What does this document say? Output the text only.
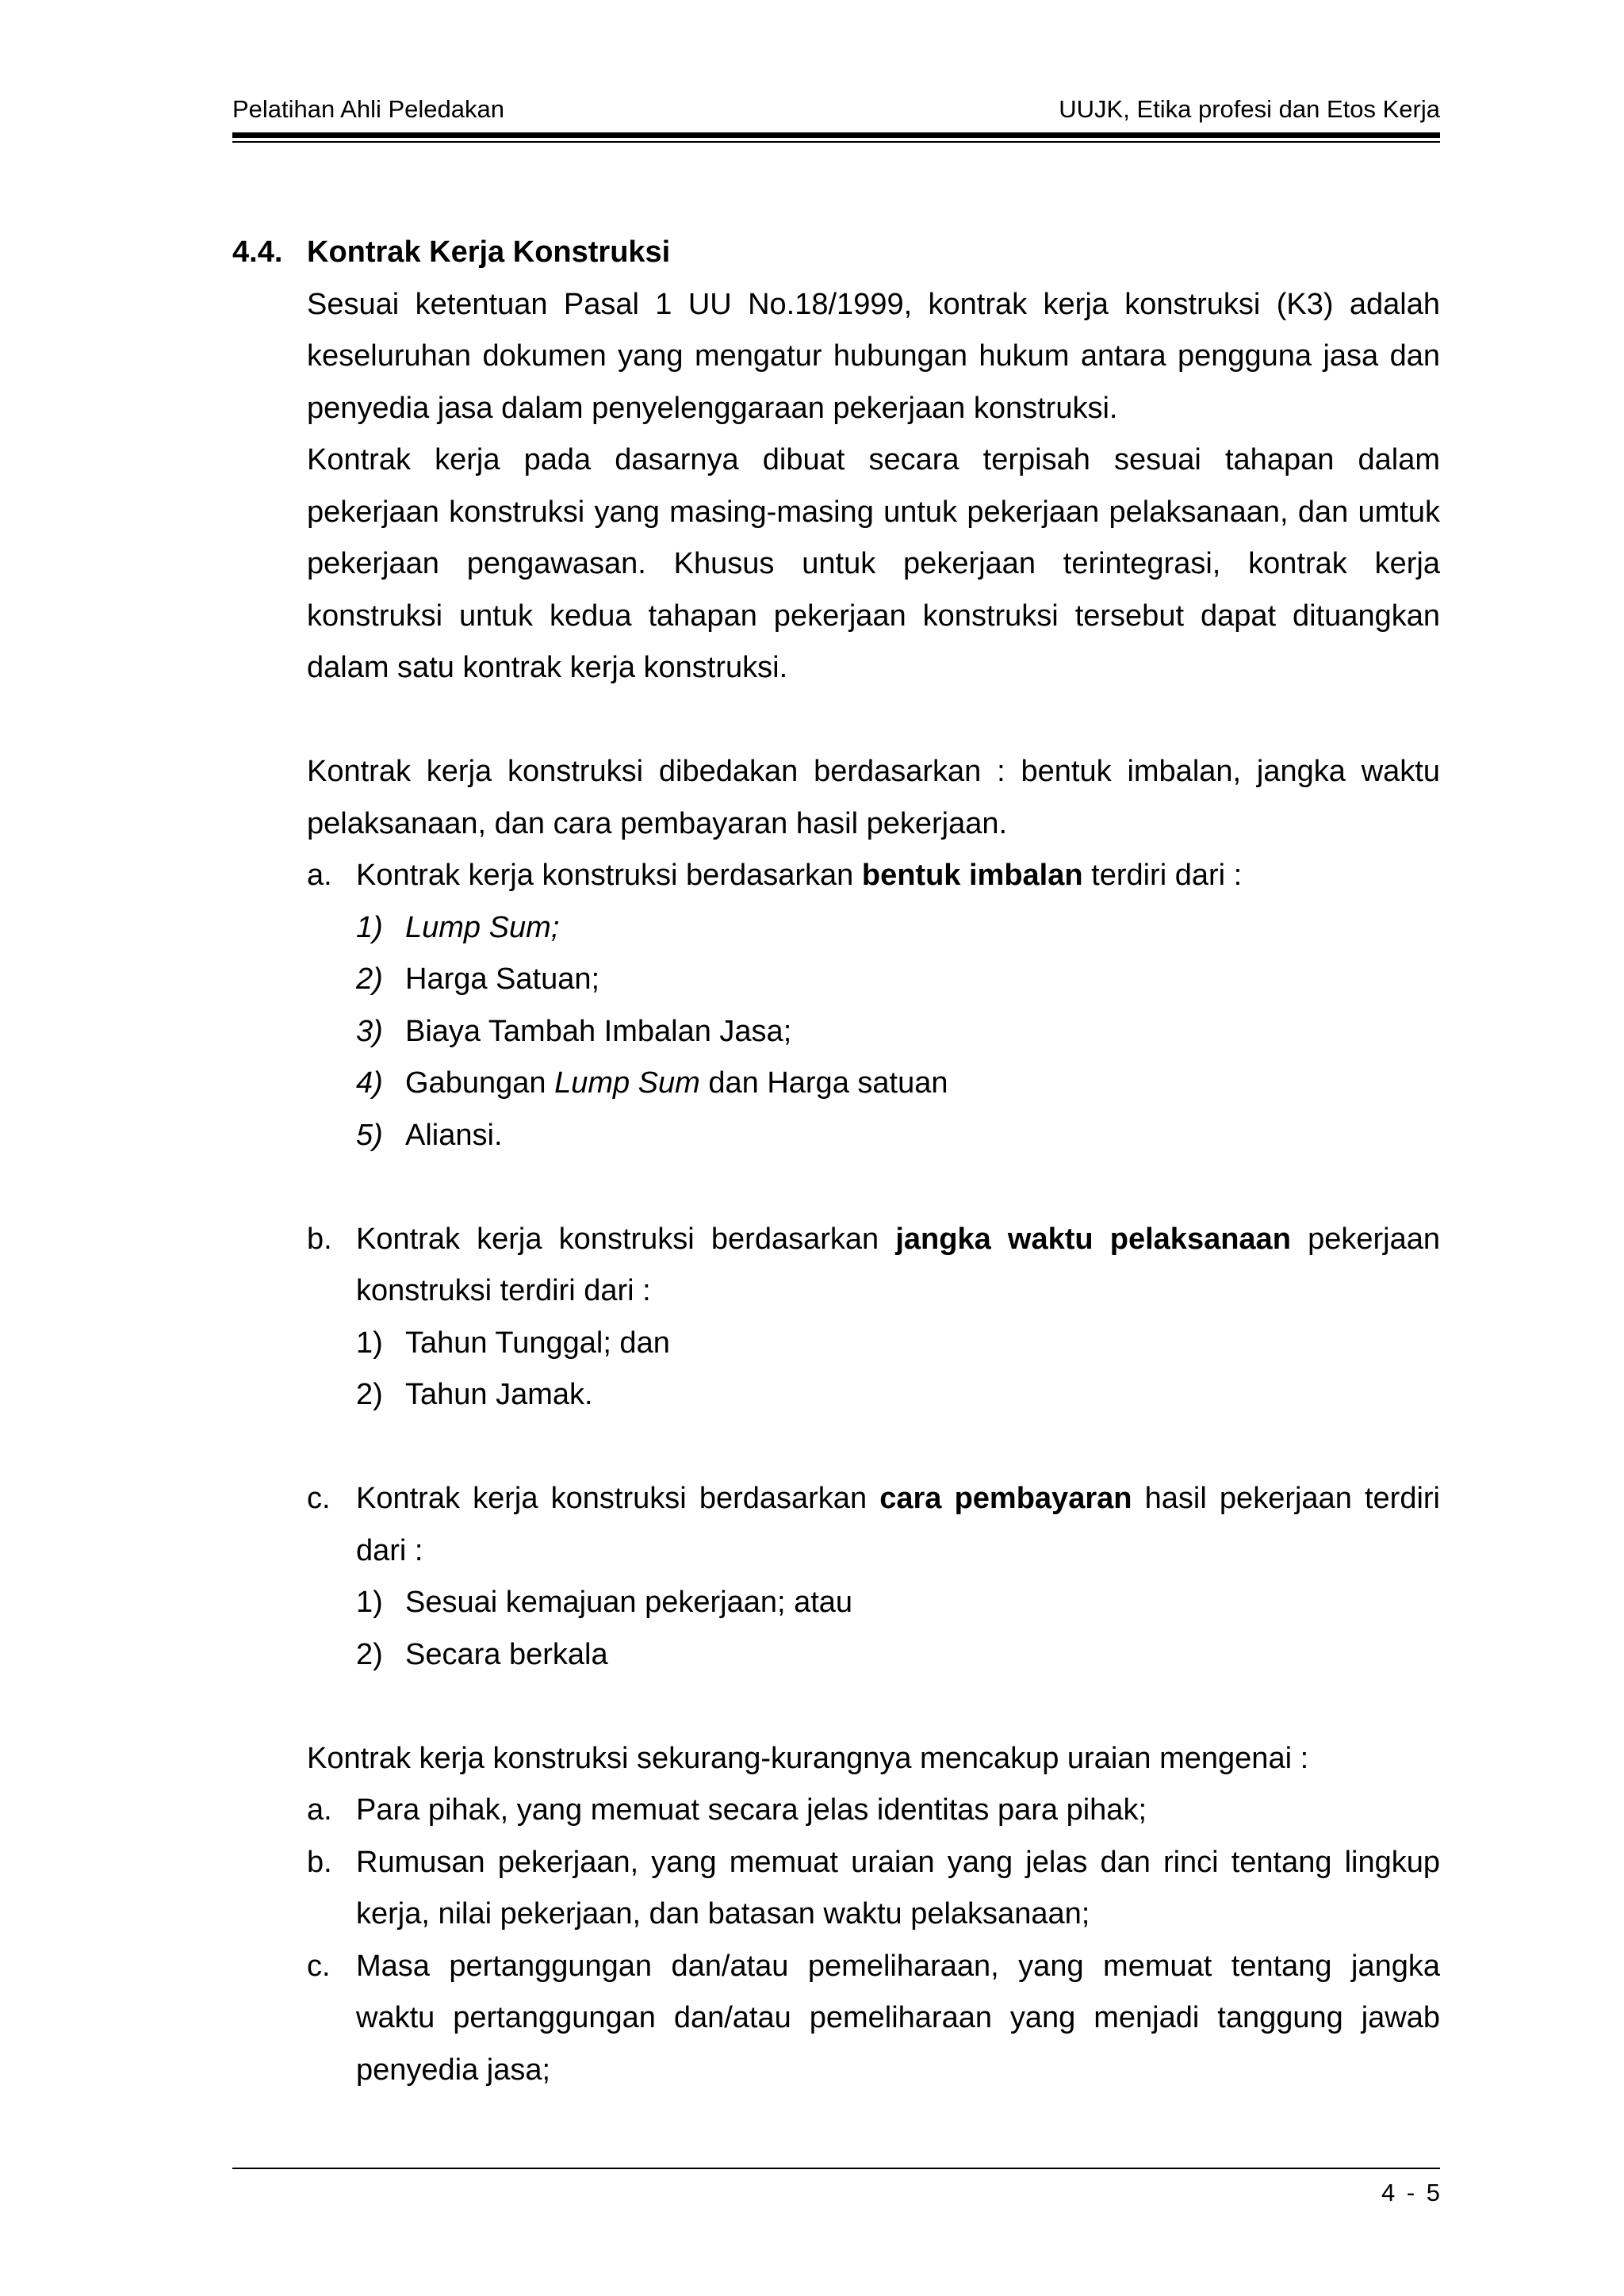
Pelatihan Ahli Peledakan	UUJK, Etika profesi dan Etos Kerja
4.4. Kontrak Kerja Konstruksi

Sesuai ketentuan Pasal 1 UU No.18/1999, kontrak kerja konstruksi (K3) adalah keseluruhan dokumen yang mengatur hubungan hukum antara pengguna jasa dan penyedia jasa dalam penyelenggaraan pekerjaan konstruksi.

Kontrak kerja pada dasarnya dibuat secara terpisah sesuai tahapan dalam pekerjaan konstruksi yang masing-masing untuk pekerjaan pelaksanaan, dan umtuk pekerjaan pengawasan. Khusus untuk pekerjaan terintegrasi, kontrak kerja konstruksi untuk kedua tahapan pekerjaan konstruksi tersebut dapat dituangkan dalam satu kontrak kerja konstruksi.

Kontrak kerja konstruksi dibedakan berdasarkan : bentuk imbalan, jangka waktu pelaksanaan, dan cara pembayaran hasil pekerjaan.

a. Kontrak kerja konstruksi berdasarkan bentuk imbalan terdiri dari :
1) Lump Sum;
2) Harga Satuan;
3) Biaya Tambah Imbalan Jasa;
4) Gabungan Lump Sum dan Harga satuan
5) Aliansi.
b. Kontrak kerja konstruksi berdasarkan jangka waktu pelaksanaan pekerjaan konstruksi terdiri dari :
1) Tahun Tunggal; dan
2) Tahun Jamak.
c. Kontrak kerja konstruksi berdasarkan cara pembayaran hasil pekerjaan terdiri dari :
1) Sesuai kemajuan pekerjaan; atau
2) Secara berkala

Kontrak kerja konstruksi sekurang-kurangnya mencakup uraian mengenai :

a. Para pihak, yang memuat secara jelas identitas para pihak;
b. Rumusan pekerjaan, yang memuat uraian yang jelas dan rinci tentang lingkup kerja, nilai pekerjaan, dan batasan waktu pelaksanaan;
c. Masa pertanggungan dan/atau pemeliharaan, yang memuat tentang jangka waktu pertanggungan dan/atau pemeliharaan yang menjadi tanggung jawab penyedia jasa;
4 - 5
